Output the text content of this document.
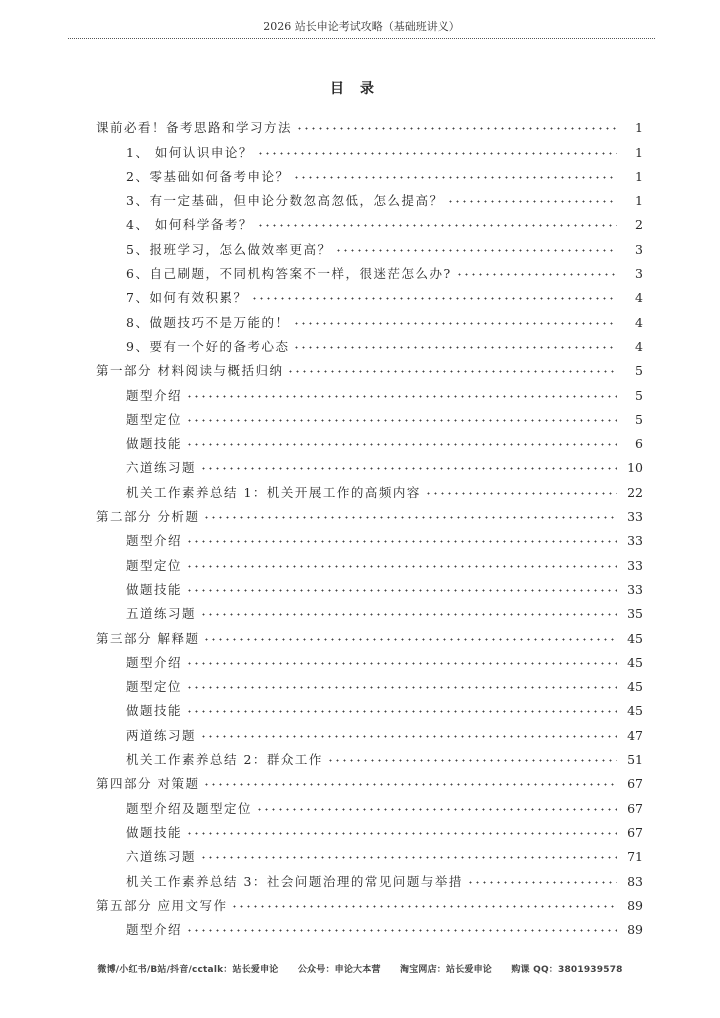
2026 站长申论考试攻略（基础班讲义）
目录
课前必看！备考思路和学习方法	1
1、 如何认识申论？	1
2、零基础如何备考申论？	1
3、有一定基础，但申论分数忽高忽低，怎么提高？	1
4、 如何科学备考？	2
5、报班学习，怎么做效率更高？	3
6、自己刷题，不同机构答案不一样，很迷茫怎么办?	3
7、如何有效积累？	4
8、做题技巧不是万能的！	4
9、要有一个好的备考心态	4
第一部分 材料阅读与概括归纳	5
题型介绍	5
题型定位	5
做题技能	6
六道练习题	10
机关工作素养总结 1：机关开展工作的高频内容	22
第二部分 分析题	33
题型介绍	33
题型定位	33
做题技能	33
五道练习题	35
第三部分 解释题	45
题型介绍	45
题型定位	45
做题技能	45
两道练习题	47
机关工作素养总结 2：群众工作	51
第四部分 对策题	67
题型介绍及题型定位	67
做题技能	67
六道练习题	71
机关工作素养总结 3：社会问题治理的常见问题与举措	83
第五部分 应用文写作	89
题型介绍	89
微博/小红书/B站/抖音/cctalk：站长爱申论 公众号：申论大本营 淘宝网店：站长爱申论 购课 QQ：3801939578
